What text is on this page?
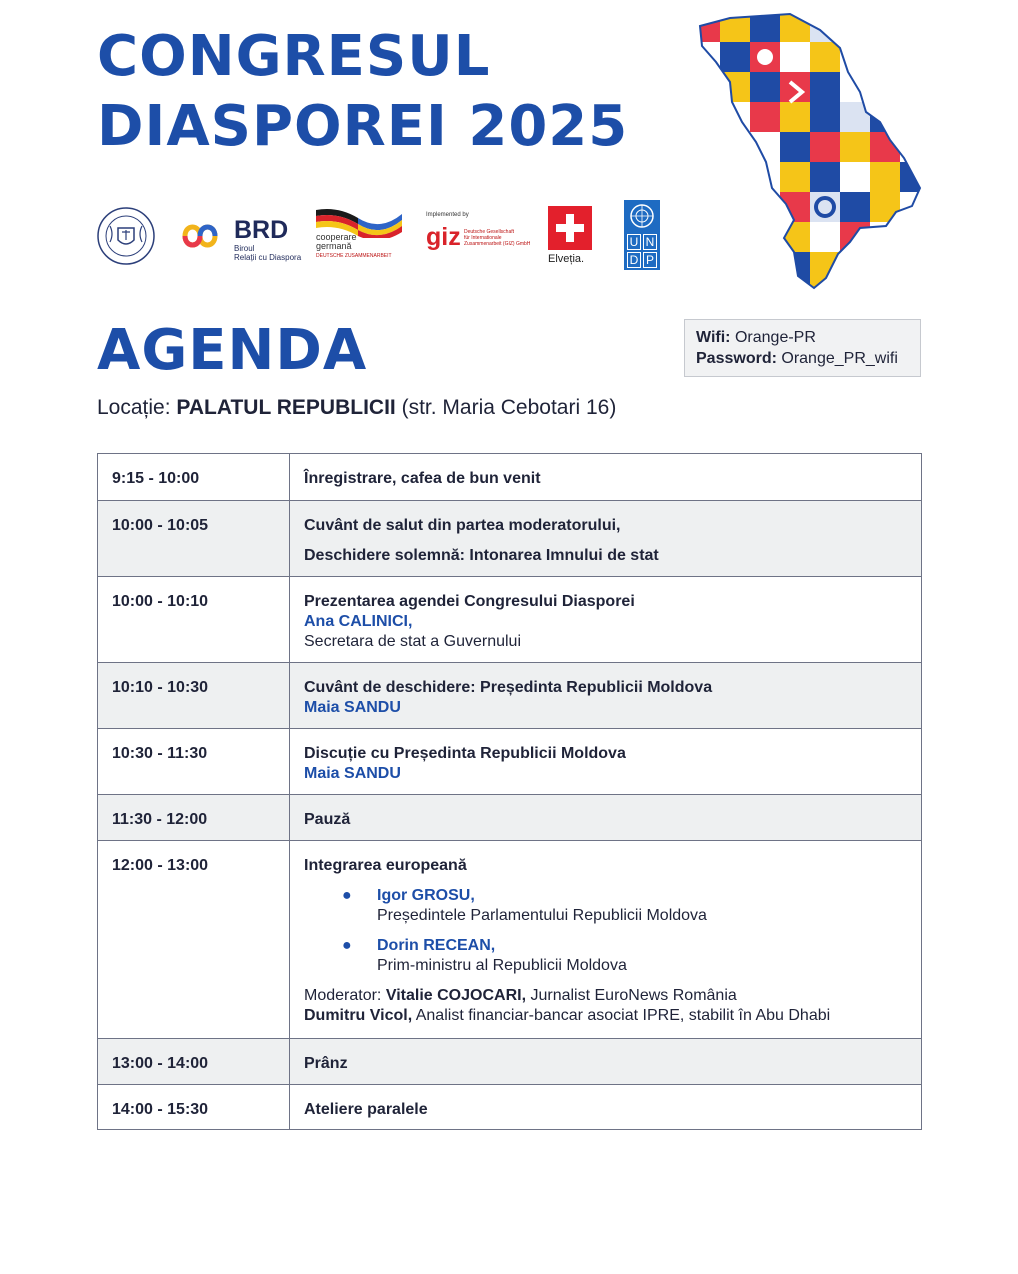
CONGRESUL
DIASPOREI 2025
BRD
Biroul
Relații cu Diaspora
cooperare
germană
DEUTSCHE ZUSAMMENARBEIT
Implemented by
giz Deutsche Gesellschaft
für Internationale
Zusammenarbeit (GIZ) GmbH
Elveția.
U N
D P
AGENDA
Locație: PALATUL REPUBLICII (str. Maria Cebotari 16)
Wifi: Orange-PR
Password: Orange_PR_wifi
9:15 - 10:00	Înregistrare, cafea de bun venit
10:00 - 10:05	Cuvânt de salut din partea moderatorului,
Deschidere solemnă: Intonarea Imnului de stat
10:00 - 10:10	Prezentarea agendei Congresului Diasporei
Ana CALINICI,
Secretara de stat a Guvernului
10:10 - 10:30	Cuvânt de deschidere: Președinta Republicii Moldova
Maia SANDU
10:30 - 11:30	Discuție cu Președinta Republicii Moldova
Maia SANDU
11:30 - 12:00	Pauză
12:00 - 13:00	Integrarea europeană
● Igor GROSU,
Președintele Parlamentului Republicii Moldova
● Dorin RECEAN,
Prim-ministru al Republicii Moldova
Moderator: Vitalie COJOCARI, Jurnalist EuroNews România
Dumitru Vicol, Analist financiar-bancar asociat IPRE, stabilit în Abu Dhabi
13:00 - 14:00	Prânz
14:00 - 15:30	Ateliere paralele
